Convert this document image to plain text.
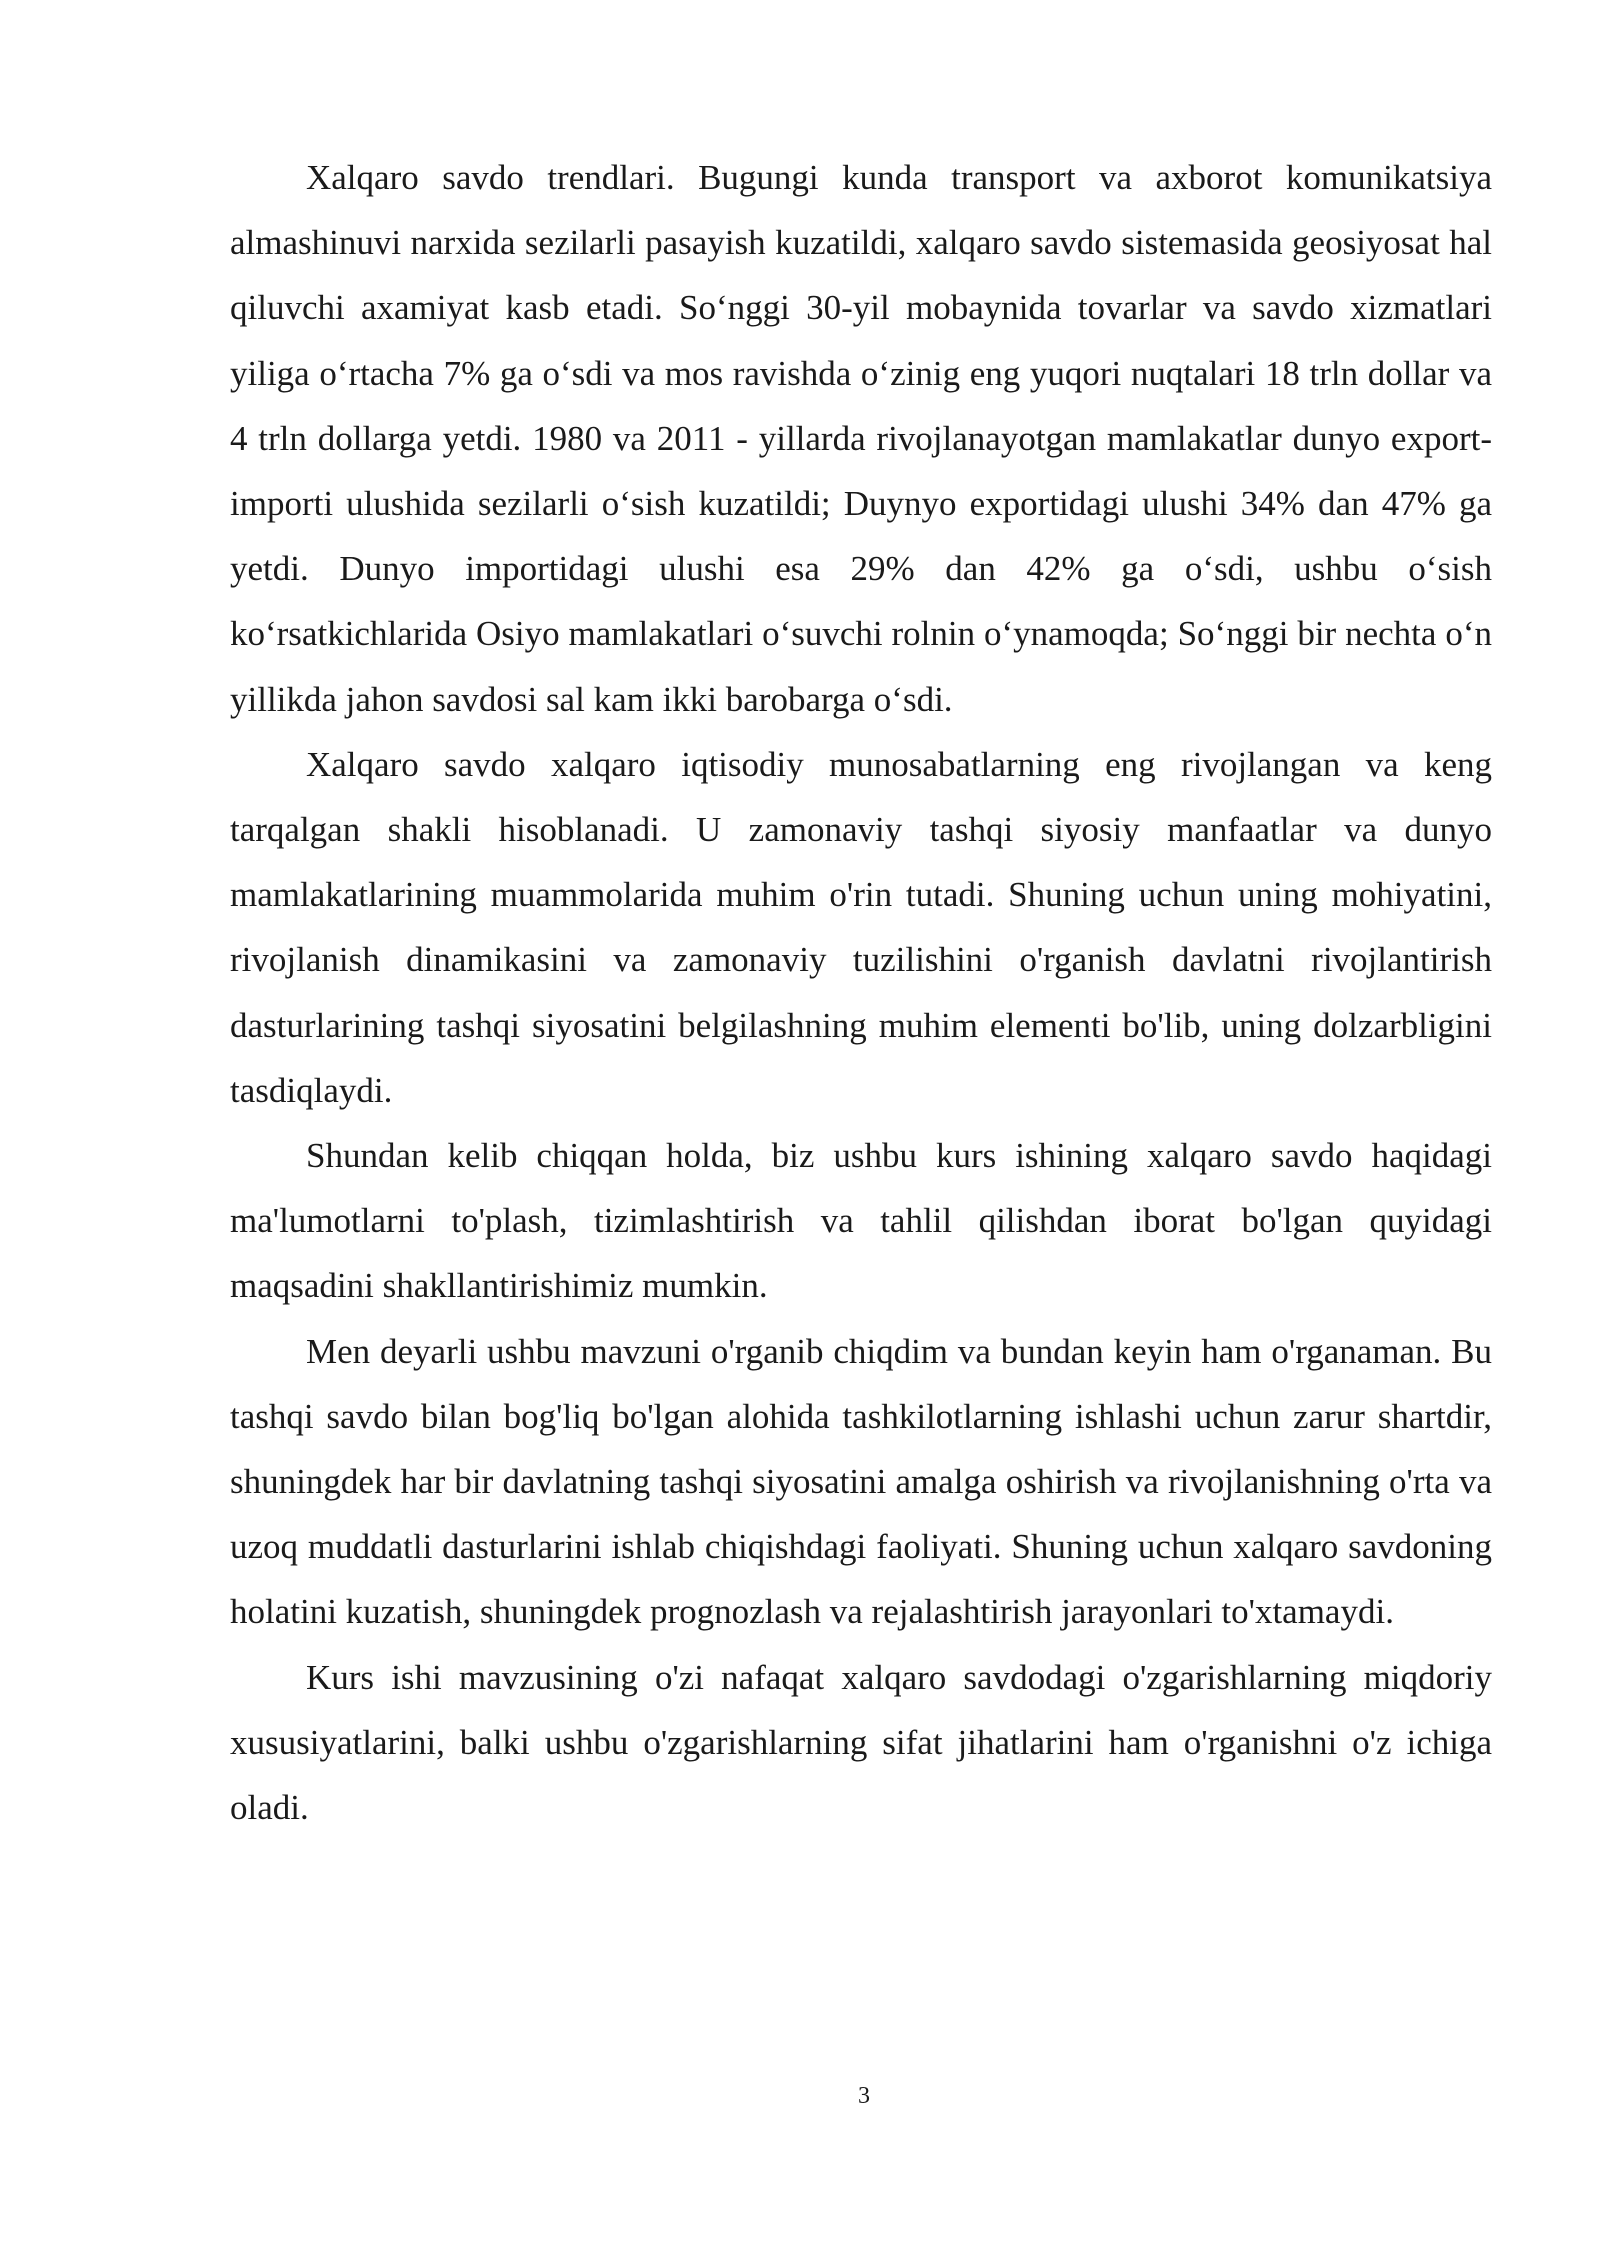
Xalqaro savdo trendlari. Bugungi kunda transport va axborot komunikatsiya almashinuvi narxida sezilarli pasayish kuzatildi, xalqaro savdo sistemasida geosiyosat hal qiluvchi axamiyat kasb etadi. So‘nggi 30-yil mobaynida tovarlar va savdo xizmatlari yiliga o‘rtacha 7% ga o‘sdi va mos ravishda o‘zinig eng yuqori nuqtalari 18 trln dollar va 4 trln dollarga yetdi. 1980 va 2011 - yillarda rivojlanayotgan mamlakatlar dunyo export-importi ulushida sezilarli o‘sish kuzatildi; Duynyo exportidagi ulushi 34% dan 47% ga yetdi. Dunyo importidagi ulushi esa 29% dan 42% ga o‘sdi, ushbu o‘sish ko‘rsatkichlarida Osiyo mamlakatlari o‘suvchi rolnin o‘ynamoqda; So‘nggi bir nechta o‘n yillikda jahon savdosi sal kam ikki barobarga o‘sdi.

Xalqaro savdo xalqaro iqtisodiy munosabatlarning eng rivojlangan va keng tarqalgan shakli hisoblanadi. U zamonaviy tashqi siyosiy manfaatlar va dunyo mamlakatlarining muammolarida muhim o'rin tutadi. Shuning uchun uning mohiyatini, rivojlanish dinamikasini va zamonaviy tuzilishini o'rganish davlatni rivojlantirish dasturlarining tashqi siyosatini belgilashning muhim elementi bo'lib, uning dolzarbligini tasdiqlaydi.

Shundan kelib chiqqan holda, biz ushbu kurs ishining xalqaro savdo haqidagi ma'lumotlarni to'plash, tizimlashtirish va tahlil qilishdan iborat bo'lgan quyidagi maqsadini shakllantirishimiz mumkin.

Men deyarli ushbu mavzuni o'rganib chiqdim va bundan keyin ham o'rganaman. Bu tashqi savdo bilan bog'liq bo'lgan alohida tashkilotlarning ishlashi uchun zarur shartdir, shuningdek har bir davlatning tashqi siyosatini amalga oshirish va rivojlanishning o'rta va uzoq muddatli dasturlarini ishlab chiqishdagi faoliyati. Shuning uchun xalqaro savdoning holatini kuzatish, shuningdek prognozlash va rejalashtirish jarayonlari to'xtamaydi.

Kurs ishi mavzusining o'zi nafaqat xalqaro savdodagi o'zgarishlarning miqdoriy xususiyatlarini, balki ushbu o'zgarishlarning sifat jihatlarini ham o'rganishni o'z ichiga oladi.

3
